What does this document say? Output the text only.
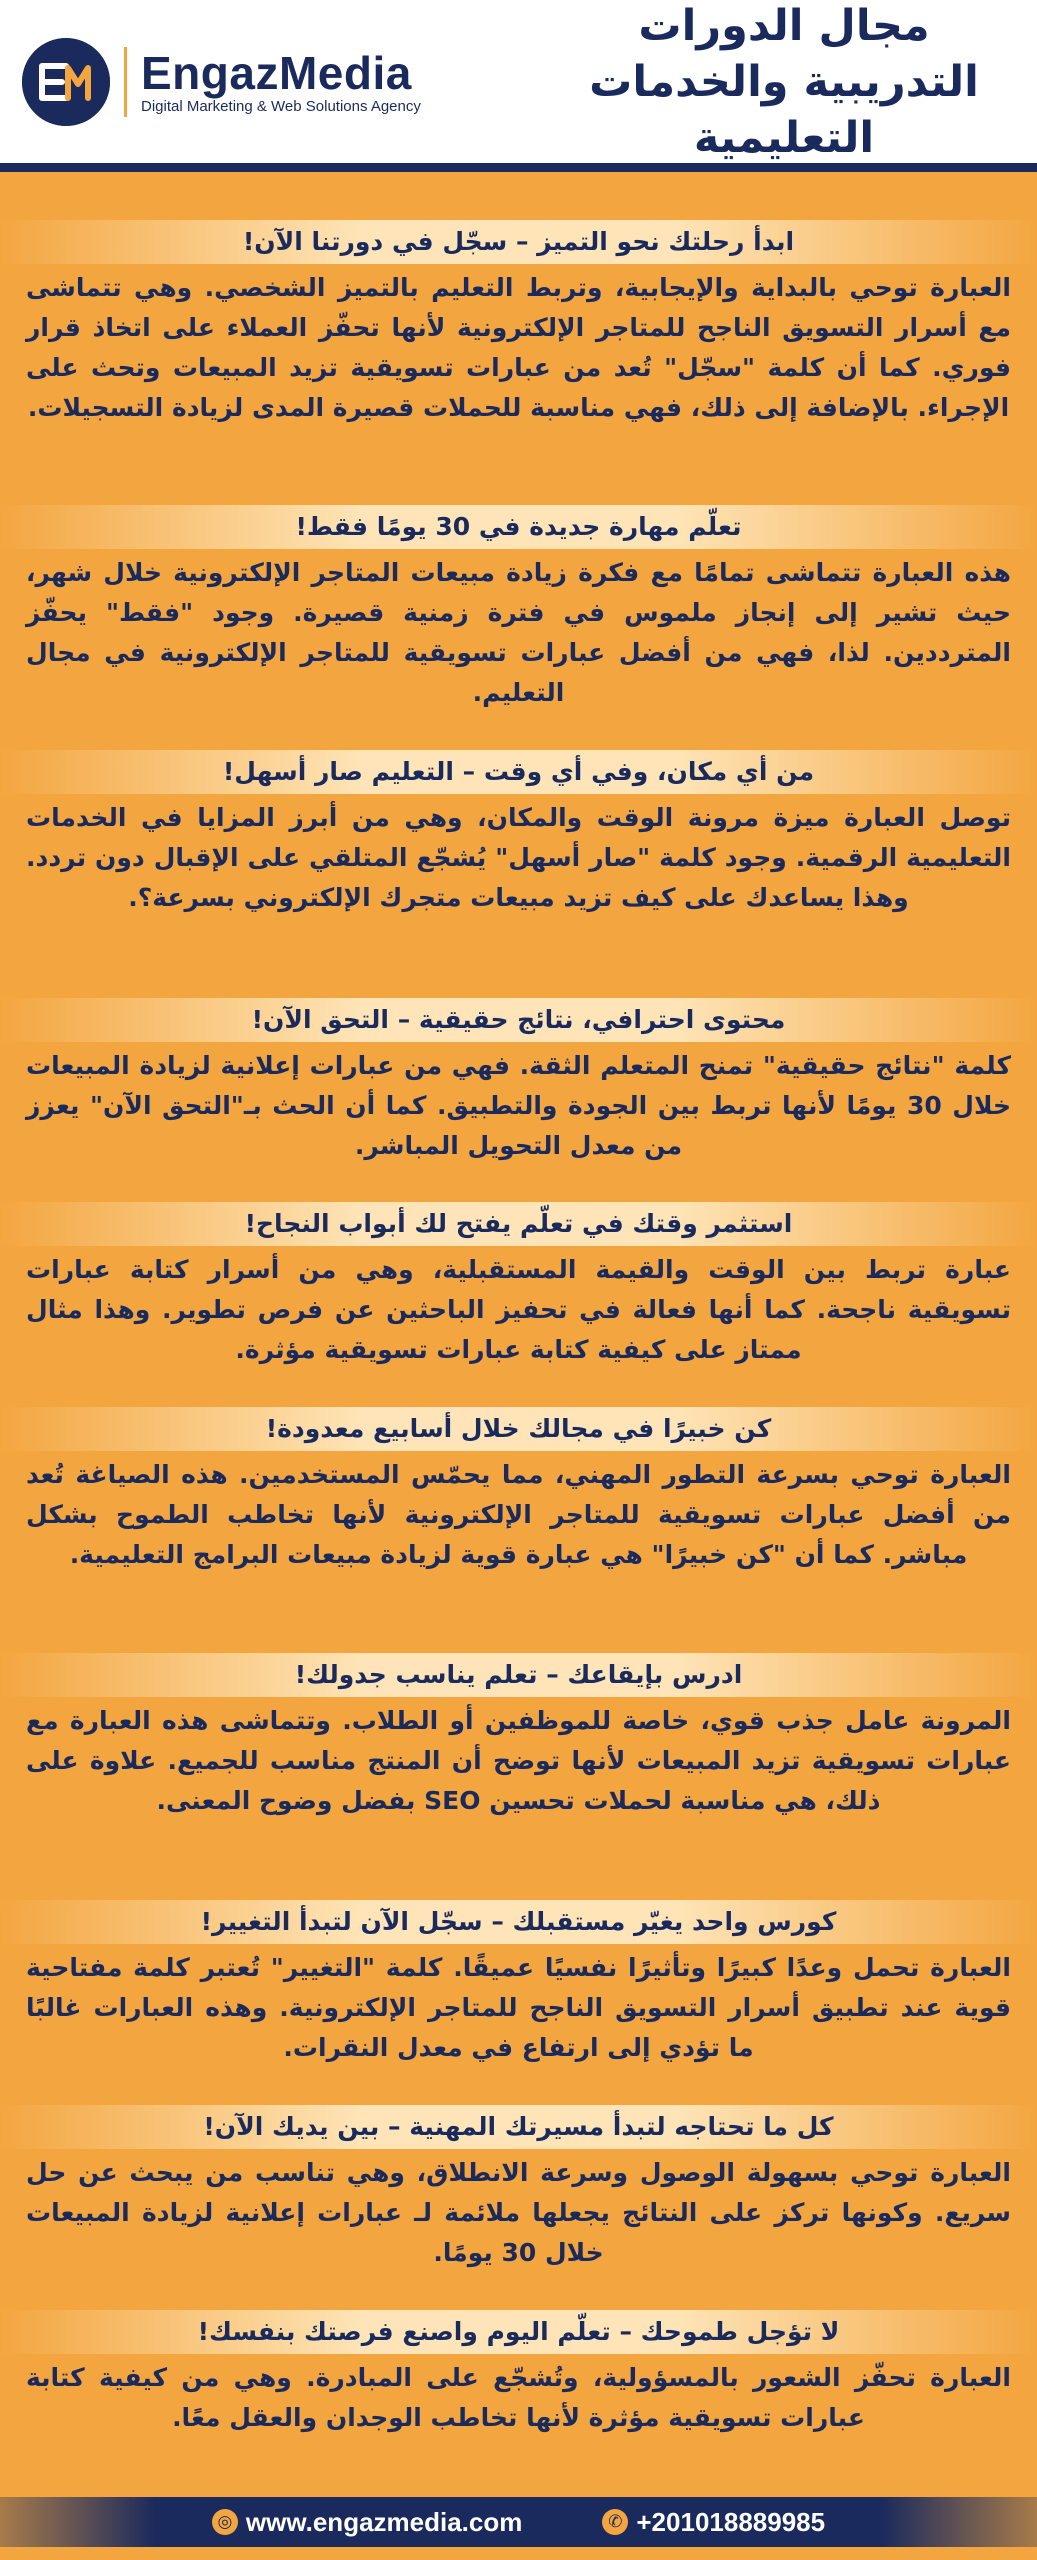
EngazMedia
Digital Marketing & Web Solutions Agency
مجال الدورات التدريبية والخدمات التعليمية
ابدأ رحلتك نحو التميز – سجّل في دورتنا الآن!

العبارة توحي بالبداية والإيجابية، وتربط التعليم بالتميز الشخصي. وهي تتماشى مع أسرار التسويق الناجح للمتاجر الإلكترونية لأنها تحفّز العملاء على اتخاذ قرار فوري. كما أن كلمة "سجّل" تُعد من عبارات تسويقية تزيد المبيعات وتحث على الإجراء. بالإضافة إلى ذلك، فهي مناسبة للحملات قصيرة المدى لزيادة التسجيلات.

تعلّم مهارة جديدة في 30 يومًا فقط!

هذه العبارة تتماشى تمامًا مع فكرة زيادة مبيعات المتاجر الإلكترونية خلال شهر، حيث تشير إلى إنجاز ملموس في فترة زمنية قصيرة. وجود "فقط" يحفّز المترددين. لذا، فهي من أفضل عبارات تسويقية للمتاجر الإلكترونية في مجال التعليم.

من أي مكان، وفي أي وقت – التعليم صار أسهل!

توصل العبارة ميزة مرونة الوقت والمكان، وهي من أبرز المزايا في الخدمات التعليمية الرقمية. وجود كلمة "صار أسهل" يُشجّع المتلقي على الإقبال دون تردد. وهذا يساعدك على كيف تزيد مبيعات متجرك الإلكتروني بسرعة؟.

محتوى احترافي، نتائج حقيقية – التحق الآن!

كلمة "نتائج حقيقية" تمنح المتعلم الثقة. فهي من عبارات إعلانية لزيادة المبيعات خلال 30 يومًا لأنها تربط بين الجودة والتطبيق. كما أن الحث بـ"التحق الآن" يعزز من معدل التحويل المباشر.

استثمر وقتك في تعلّم يفتح لك أبواب النجاح!

عبارة تربط بين الوقت والقيمة المستقبلية، وهي من أسرار كتابة عبارات تسويقية ناجحة. كما أنها فعالة في تحفيز الباحثين عن فرص تطوير. وهذا مثال ممتاز على كيفية كتابة عبارات تسويقية مؤثرة.

كن خبيرًا في مجالك خلال أسابيع معدودة!

العبارة توحي بسرعة التطور المهني، مما يحمّس المستخدمين. هذه الصياغة تُعد من أفضل عبارات تسويقية للمتاجر الإلكترونية لأنها تخاطب الطموح بشكل مباشر. كما أن "كن خبيرًا" هي عبارة قوية لزيادة مبيعات البرامج التعليمية.

ادرس بإيقاعك – تعلم يناسب جدولك!

المرونة عامل جذب قوي، خاصة للموظفين أو الطلاب. وتتماشى هذه العبارة مع عبارات تسويقية تزيد المبيعات لأنها توضح أن المنتج مناسب للجميع. علاوة على ذلك، هي مناسبة لحملات تحسين SEO بفضل وضوح المعنى.

كورس واحد يغيّر مستقبلك – سجّل الآن لتبدأ التغيير!

العبارة تحمل وعدًا كبيرًا وتأثيرًا نفسيًا عميقًا. كلمة "التغيير" تُعتبر كلمة مفتاحية قوية عند تطبيق أسرار التسويق الناجح للمتاجر الإلكترونية. وهذه العبارات غالبًا ما تؤدي إلى ارتفاع في معدل النقرات.

كل ما تحتاجه لتبدأ مسيرتك المهنية – بين يديك الآن!

العبارة توحي بسهولة الوصول وسرعة الانطلاق، وهي تناسب من يبحث عن حل سريع. وكونها تركز على النتائج يجعلها ملائمة لـ عبارات إعلانية لزيادة المبيعات خلال 30 يومًا.

لا تؤجل طموحك – تعلّم اليوم واصنع فرصتك بنفسك!

العبارة تحفّز الشعور بالمسؤولية، وتُشجّع على المبادرة. وهي من كيفية كتابة عبارات تسويقية مؤثرة لأنها تخاطب الوجدان والعقل معًا.

◎ www.engazmedia.com	✆ +201018889985
